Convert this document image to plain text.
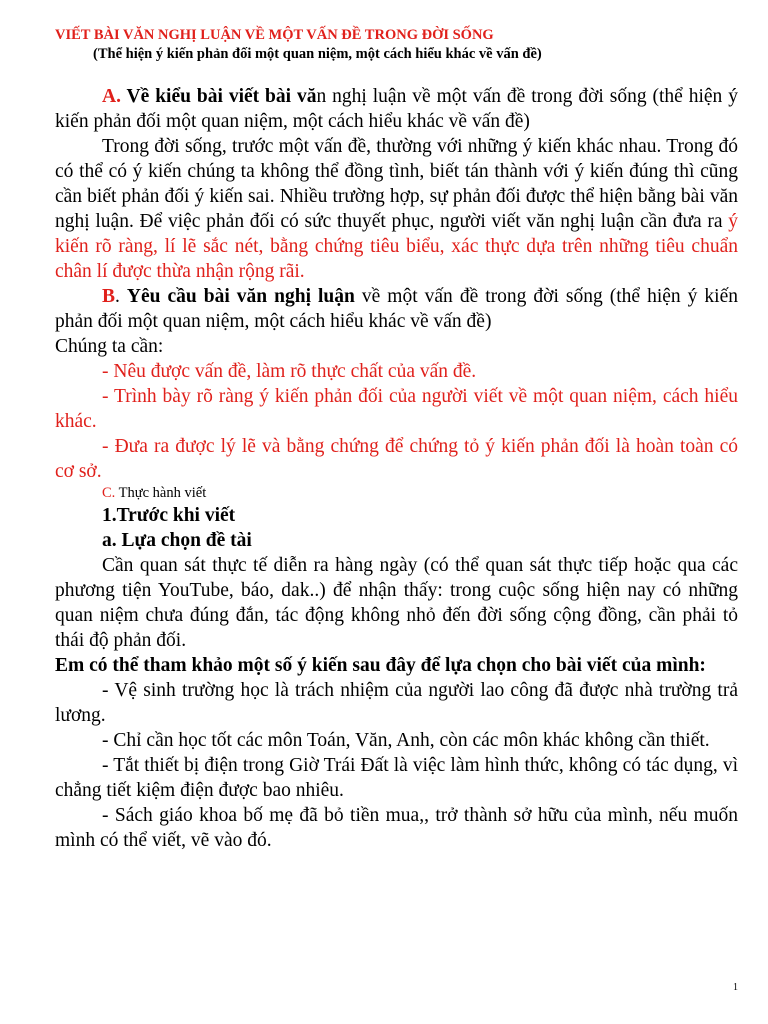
VIẾT BÀI VĂN NGHỊ LUẬN VỀ MỘT VẤN ĐỀ TRONG ĐỜI SỐNG

(Thể hiện ý kiến phản đối một quan niệm, một cách hiểu khác về vấn đề)

A. Về kiểu bài viết bài văn nghị luận về một vấn đề trong đời sống (thể hiện ý kiến phản đối một quan niệm, một cách hiểu khác về vấn đề)

Trong đời sống, trước một vấn đề, thường với những ý kiến khác nhau. Trong đó có thể có ý kiến chúng ta không thể đồng tình, biết tán thành với ý kiến đúng thì cũng cần biết phản đối ý kiến sai. Nhiều trường hợp, sự phản đối được thể hiện bằng bài văn nghị luận. Để việc phản đối có sức thuyết phục, người viết văn nghị luận cần đưa ra ý kiến rõ ràng, lí lẽ sắc nét, bằng chứng tiêu biểu, xác thực dựa trên những tiêu chuẩn chân lí được thừa nhận rộng rãi.

B. Yêu cầu bài văn nghị luận về một vấn đề trong đời sống (thể hiện ý kiến phản đối một quan niệm, một cách hiểu khác về vấn đề)

Chúng ta cần:

- Nêu được vấn đề, làm rõ thực chất của vấn đề.

- Trình bày rõ ràng ý kiến phản đối của người viết về một quan niệm, cách hiểu khác.

- Đưa ra được lý lẽ và bằng chứng để chứng tỏ ý kiến phản đối là hoàn toàn có cơ sở.

C. Thực hành viết

1.Trước khi viết

a. Lựa chọn đề tài

Cần quan sát thực tế diễn ra hàng ngày (có thể quan sát thực tiếp hoặc qua các phương tiện YouTube, báo, dak..) để nhận thấy: trong cuộc sống hiện nay có những quan niệm chưa đúng đắn, tác động không nhỏ đến đời sống cộng đồng, cần phải tỏ thái độ phản đối.

Em có thể tham khảo một số ý kiến sau đây để lựa chọn cho bài viết của mình:

- Vệ sinh trường học là trách nhiệm của người lao công đã được nhà trường trả lương.

- Chỉ cần học tốt các môn Toán, Văn, Anh, còn các môn khác không cần thiết.

- Tắt thiết bị điện trong Giờ Trái Đất là việc làm hình thức, không có tác dụng, vì chẳng tiết kiệm điện được bao nhiêu.

- Sách giáo khoa bố mẹ đã bỏ tiền mua,, trở thành sở hữu của mình, nếu muốn mình có thể viết, vẽ vào đó.

1
